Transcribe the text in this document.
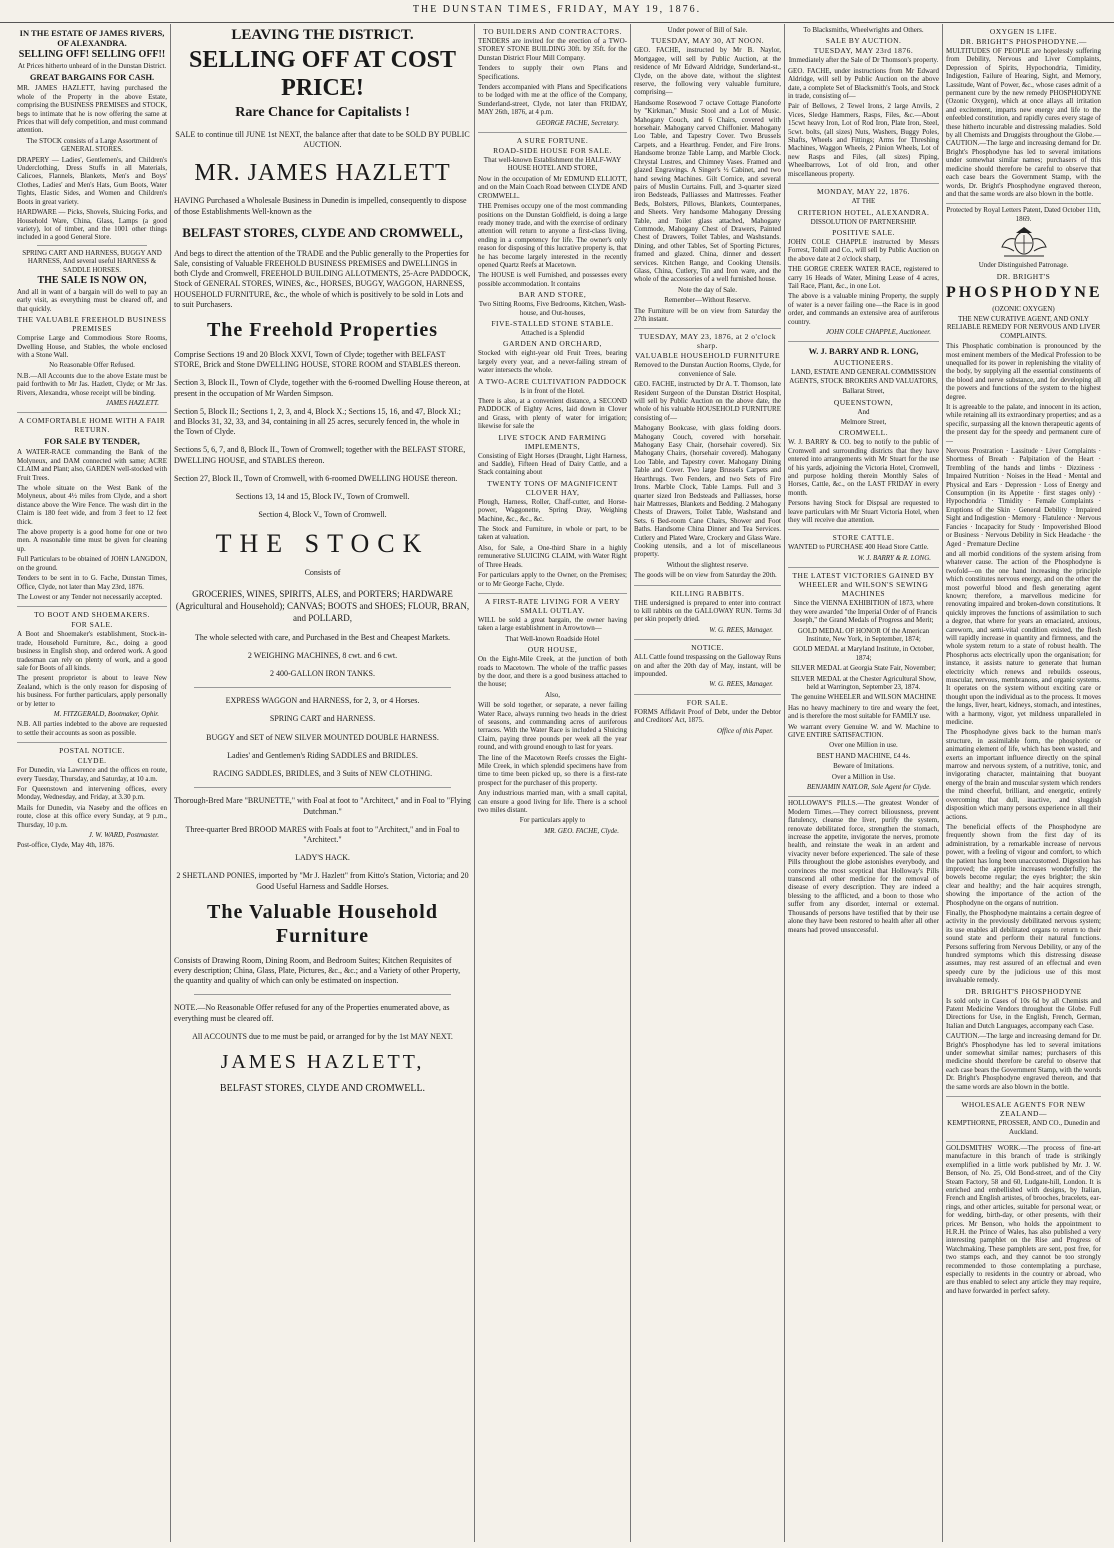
THE DUNSTAN TIMES, FRIDAY, MAY 19, 1876.
IN THE ESTATE OF JAMES RIVERS, OF ALEXANDRA.
SELLING OFF! SELLING OFF!!

At Prices hitherto unheard of in the Dunstan District.

GREAT BARGAINS FOR CASH.

MR. JAMES HAZLETT, having purchased the whole of the Property in the above Estate, comprising the BUSINESS PREMISES and STOCK, begs to intimate that he is now offering the same at Prices that will defy competition, and must command attention.

The STOCK consists of a Large Assortment of GENERAL STORES.

DRAPERY — Ladies', Gentlemen's, and Children's Underclothing, Dress Stuffs in all Materials, Calicoes, Flannels, Blankets, Men's and Boys' Clothes, Ladies' and Men's Hats, Gum Boots, Water Tights, Elastic Sides, and Women and Children's Boots in great variety.

HARDWARE — Picks, Shovels, Sluicing Forks, and Household Ware, China, Glass, Lamps (a good variety), lot of timber, and the 1001 other things included in a good General Store.

SPRING CART AND HARNESS, BUGGY AND HARNESS, And several useful HARNESS & SADDLE HORSES.

THE SALE IS NOW ON,

And all in want of a bargain will do well to pay an early visit, as everything must be cleared off, and that quickly.

THE VALUABLE FREEHOLD BUSINESS PREMISES

Comprise Large and Commodious Store Rooms, Dwelling House, and Stables, the whole enclosed with a Stone Wall.

No Reasonable Offer Refused.

N.B.—All Accounts due to the above Estate must be paid forthwith to Mr Jas. Hazlett, Clyde; or Mr Jas. Rivers, Alexandra, whose receipt will be binding.

JAMES HAZLETT.

A COMFORTABLE HOME WITH A FAIR RETURN.
FOR SALE BY TENDER,

A WATER-RACE commanding the Bank of the Molyneux, and DAM connected with same; ACRE CLAIM and Plant; also, GARDEN well-stocked with Fruit Trees.

The whole situate on the West Bank of the Molyneux, about 4½ miles from Clyde, and a short distance above the Wire Fence. The wash dirt in the Claim is 180 feet wide, and from 3 feet to 12 feet thick.

The above property is a good home for one or two men. A reasonable time must be given for cleaning up.

Full Particulars to be obtained of JOHN LANGDON, on the ground.

Tenders to be sent in to G. Fache, Dunstan Times, Office, Clyde, not later than May 23rd, 1876.

The Lowest or any Tender not necessarily accepted.

TO BOOT AND SHOEMAKERS.
FOR SALE.

A Boot and Shoemaker's establishment, Stock-in-trade, Household Furniture, &c., doing a good business in English shop, and ordered work. A good tradesman can rely on plenty of work, and a good sale for Boots of all kinds.

The present proprietor is about to leave New Zealand, which is the only reason for disposing of his business. For further particulars, apply personally or by letter to

M. FITZGERALD, Bootmaker, Ophir.

N.B. All parties indebted to the above are requested to settle their accounts as soon as possible.

POSTAL NOTICE.
CLYDE.

For Dunedin, via Lawrence and the offices en route, every Tuesday, Thursday, and Saturday, at 10 a.m.

For Queenstown and intervening offices, every Monday, Wednesday, and Friday, at 3.30 p.m.

Mails for Dunedin, via Naseby and the offices en route, close at this office every Sunday, at 9 p.m., Thursday, 10 p.m.

J. W. WARD, Postmaster.

Post-office, Clyde, May 4th, 1876.

LEAVING THE DISTRICT.
SELLING OFF AT COST PRICE!
Rare Chance for Capitalists !

SALE to continue till JUNE 1st NEXT, the balance after that date to be SOLD BY PUBLIC AUCTION.

MR. JAMES HAZLETT

HAVING Purchased a Wholesale Business in Dunedin is impelled, consequently to dispose of those Establishments Well-known as the

BELFAST STORES, CLYDE AND CROMWELL,

And begs to direct the attention of the TRADE and the Public generally to the Properties for Sale, consisting of Valuable FREEHOLD BUSINESS PREMISES and DWELLINGS in both Clyde and Cromwell, FREEHOLD BUILDING ALLOTMENTS, 25-Acre PADDOCK, Stock of GENERAL STORES, WINES, &c., HORSES, BUGGY, WAGGON, HARNESS, HOUSEHOLD FURNITURE, &c., the whole of which is positively to be sold in Lots and to suit Purchasers.

The Freehold Properties

Comprise Sections 19 and 20 Block XXVI, Town of Clyde; together with BELFAST STORE, Brick and Stone DWELLING HOUSE, STORE ROOM and STABLES thereon.

Section 3, Block II., Town of Clyde, together with the 6-roomed Dwelling House thereon, at present in the occupation of Mr Warden Simpson.

Section 5, Block II.; Sections 1, 2, 3, and 4, Block X.; Sections 15, 16, and 47, Block XI.; and Blocks 31, 32, 33, and 34, containing in all 25 acres, securely fenced in, the whole in the Town of Clyde.

Sections 5, 6, 7, and 8, Block II., Town of Cromwell; together with the BELFAST STORE, DWELLING HOUSE, and STABLES thereon.

Section 27, Block II., Town of Cromwell, with 6-roomed DWELLING HOUSE thereon.

Sections 13, 14 and 15, Block IV., Town of Cromwell.

Section 4, Block V., Town of Cromwell.

THE STOCK

Consists of

GROCERIES, WINES, SPIRITS, ALES, and PORTERS; HARDWARE (Agricultural and Household); CANVAS; BOOTS and SHOES; FLOUR, BRAN, and POLLARD,

The whole selected with care, and Purchased in the Best and Cheapest Markets.

2 WEIGHING MACHINES, 8 cwt. and 6 cwt.

2 400-GALLON IRON TANKS.

EXPRESS WAGGON and HARNESS, for 2, 3, or 4 Horses.

SPRING CART and HARNESS.

BUGGY and SET of NEW SILVER MOUNTED DOUBLE HARNESS.

Ladies' and Gentlemen's Riding SADDLES and BRIDLES.

RACING SADDLES, BRIDLES, and 3 Suits of NEW CLOTHING.

Thorough-Bred Mare "BRUNETTE," with Foal at foot to "Architect," and in Foal to "Flying Dutchman."

Three-quarter Bred BROOD MARES with Foals at foot to "Architect," and in Foal to "Architect."

LADY'S HACK.

2 SHETLAND PONIES, imported by "Mr J. Hazlett" from Kitto's Station, Victoria; and 20 Good Useful Harness and Saddle Horses.

The Valuable Household Furniture

Consists of Drawing Room, Dining Room, and Bedroom Suites; Kitchen Requisites of every description; China, Glass, Plate, Pictures, &c., &c.; and a Variety of other Property, the quantity and quality of which can only be estimated on inspection.

NOTE.—No Reasonable Offer refused for any of the Properties enumerated above, as everything must be cleared off.

All ACCOUNTS due to me must be paid, or arranged for by the 1st MAY NEXT.

JAMES HAZLETT,

BELFAST STORES, CLYDE AND CROMWELL.

TO BUILDERS AND CONTRACTORS.

TENDERS are invited for the erection of a TWO-STOREY STONE BUILDING 30ft. by 35ft. for the Dunstan District Flour Mill Company.

Tenders to supply their own Plans and Specifications.

Tenders accompanied with Plans and Specifications to be lodged with me at the office of the Company, Sunderland-street, Clyde, not later than FRIDAY, MAY 26th, 1876, at 4 p.m.

GEORGE FACHE, Secretary.

A SURE FORTUNE.
ROAD-SIDE HOUSE FOR SALE.

That well-known Establishment the HALF-WAY HOUSE HOTEL AND STORE,

Now in the occupation of Mr EDMUND ELLIOTT, and on the Main Coach Road between CLYDE AND CROMWELL.

THE Premises occupy one of the most commanding positions on the Dunstan Goldfield, is doing a large ready money trade, and with the exercise of ordinary attention will return to anyone a first-class living, ending in a competency for life. The owner's only reason for disposing of this lucrative property is, that he has become largely interested in the recently opened Quartz Reefs at Macetown.

The HOUSE is well Furnished, and possesses every possible accommodation. It contains

BAR AND STORE,

Two Sitting Rooms, Five Bedrooms, Kitchen, Wash-house, and Out-houses,

FIVE-STALLED STONE STABLE.

Attached is a Splendid

GARDEN AND ORCHARD,

Stocked with eight-year old Fruit Trees, bearing largely every year, and a never-failing stream of water intersects the whole.

A TWO-ACRE CULTIVATION PADDOCK

Is in front of the Hotel.

There is also, at a convenient distance, a SECOND PADDOCK of Eighty Acres, laid down in Clover and Grass, with plenty of water for irrigation; likewise for sale the

LIVE STOCK AND FARMING IMPLEMENTS,

Consisting of Eight Horses (Draught, Light Harness, and Saddle), Fifteen Head of Dairy Cattle, and a Stack containing about

TWENTY TONS OF MAGNIFICENT CLOVER HAY,

Plough, Harness, Roller, Chaff-cutter, and Horse-power, Waggonette, Spring Dray, Weighing Machine, &c., &c., &c.

The Stock and Furniture, in whole or part, to be taken at valuation.

Also, for Sale, a One-third Share in a highly remunerative SLUICING CLAIM, with Water Right of Three Heads.

For particulars apply to the Owner, on the Premises; or to Mr George Fache, Clyde.

A FIRST-RATE LIVING FOR A VERY SMALL OUTLAY.

WILL be sold a great bargain, the owner having taken a large establishment in Arrowtown—

That Well-known Roadside Hotel

OUR HOUSE,

On the Eight-Mile Creek, at the junction of both roads to Macetown. The whole of the traffic passes by the door, and there is a good business attached to the house;

Also,

Will be sold together, or separate, a never failing Water Race, always running two heads in the driest of seasons, and commanding acres of auriferous terraces. With the Water Race is included a Sluicing Claim, paying three pounds per week all the year round, and with ground enough to last for years.

The line of the Macetown Reefs crosses the Eight-Mile Creek, in which splendid specimens have from time to time been picked up, so there is a first-rate prospect for the purchaser of this property.

Any industrious married man, with a small capital, can ensure a good living for life. There is a school two miles distant.

For particulars apply to

MR. GEO. FACHE, Clyde.

Under power of Bill of Sale.

TUESDAY, MAY 30, AT NOON.

GEO. FACHE, instructed by Mr B. Naylor, Mortgagee, will sell by Public Auction, at the residence of Mr Edward Aldridge, Sunderland-st., Clyde, on the above date, without the slightest reserve, the following very valuable furniture, comprising—

Handsome Rosewood 7 octave Cottage Pianoforte by "Kirkman," Music Stool and a Lot of Music. Mahogany Couch, and 6 Chairs, covered with horsehair. Mahogany carved Chiffonier. Mahogany Loo Table, and Tapestry Cover. Two Brussels Carpets, and a Hearthrug. Fender, and Fire Irons. Handsome bronze Table Lamp, and Marble Clock. Chrystal Lustres, and Chimney Vases. Framed and glazed Engravings. A Singer's ½ Cabinet, and two hand sewing Machines. Gilt Cornice, and several pairs of Muslin Curtains. Full, and 3-quarter sized iron Bedsteads, Palliasses and Mattresses. Feather Beds, Bolsters, Pillows, Blankets, Counterpanes, and Sheets. Very handsome Mahogany Dressing Table, and Toilet glass attached, Mahogany Commode, Mahogany Chest of Drawers, Painted Chest of Drawers, Toilet Tables, and Washstands. Dining, and other Tables, Set of Sporting Pictures, framed and glazed. China, dinner and dessert services. Kitchen Range, and Cooking Utensils. Glass, China, Cutlery, Tin and Iron ware, and the whole of the accessories of a well furnished house.

Note the day of Sale.

Remember—Without Reserve.

The Furniture will be on view from Saturday the 27th instant.

TUESDAY, MAY 23, 1876, at 2 o'clock sharp.
VALUABLE HOUSEHOLD FURNITURE

Removed to the Dunstan Auction Rooms, Clyde, for convenience of Sale.

GEO. FACHE, instructed by Dr A. T. Thomson, late Resident Surgeon of the Dunstan District Hospital, will sell by Public Auction on the above date, the whole of his valuable HOUSEHOLD FURNITURE consisting of—

Mahogany Bookcase, with glass folding doors. Mahogany Couch, covered with horsehair. Mahogany Easy Chair, (horsehair covered). Six Mahogany Chairs, (horsehair covered). Mahogany Loo Table, and Tapestry cover. Mahogany Dining Table and Cover. Two large Brussels Carpets and Hearthrugs. Two Fenders, and two Sets of Fire Irons. Marble Clock, Table Lamps. Full and 3 quarter sized Iron Bedsteads and Palliasses, horse hair Mattresses, Blankets and Bedding. 2 Mahogany Chests of Drawers, Toilet Table, Washstand and Sets. 6 Bed-room Cane Chairs, Shower and Foot Baths. Handsome China Dinner and Tea Services. Cutlery and Plated Ware, Crockery and Glass Ware. Cooking utensils, and a lot of miscellaneous property.

Without the slightest reserve.

The goods will be on view from Saturday the 20th.

KILLING RABBITS.

THE undersigned is prepared to enter into contract to kill rabbits on the GALLOWAY RUN. Terms 3d per skin properly dried.

W. G. REES, Manager.

NOTICE.

ALL Cattle found trespassing on the Galloway Runs on and after the 20th day of May, instant, will be impounded.

W. G. REES, Manager.

FOR SALE.

FORMS Affidavit Proof of Debt, under the Debtor and Creditors' Act, 1875.

Office of this Paper.

To Blacksmiths, Wheelwrights and Others.

SALE BY AUCTION.
TUESDAY, MAY 23rd 1876.

Immediately after the Sale of Dr Thomson's property.

GEO. FACHE, under instructions from Mr Edward Aldridge, will sell by Public Auction on the above date, a complete Set of Blacksmith's Tools, and Stock in trade, consisting of—

Pair of Bellows, 2 Tewel Irons, 2 large Anvils, 2 Vices, Sledge Hammers, Rasps, Files, &c.—About 15cwt heavy Iron, Lot of Rod Iron, Plate Iron, Steel, 5cwt. bolts, (all sizes) Nuts, Washers, Buggy Poles, Shafts, Wheels and Fittings; Arms for Threshing Machines, Waggon Wheels, 2 Pinion Wheels, Lot of new Rasps and Files, (all sizes) Piping, Wheelbarrows, Lot of old Iron, and other miscellaneous property.

MONDAY, MAY 22, 1876.

AT THE

CRITERION HOTEL, ALEXANDRA.

DISSOLUTION OF PARTNERSHIP.

POSITIVE SALE.

JOHN COLE CHAPPLE instructed by Messrs Forrest, Tohill and Co., will sell by Public Auction on the above date at 2 o'clock sharp,

THE GORGE CREEK WATER RACE, registered to carry 16 Heads of Water, Mining Lease of 4 acres, Tail Race, Plant, &c., in one Lot.

The above is a valuable mining Property, the supply of water is a never failing one—the Race is in good order, and commands an extensive area of auriferous country.

JOHN COLE CHAPPLE, Auctioneer.

W. J. BARRY AND R. LONG,
AUCTIONEERS.

LAND, ESTATE AND GENERAL COMMISSION AGENTS, STOCK BROKERS AND VALUATORS,

Ballarat Street,

QUEENSTOWN,

And

Melmore Street,

CROMWELL.

W. J. BARRY & CO. beg to notify to the public of Cromwell and surrounding districts that they have entered into arrangements with Mr Stuart for the use of his yards, adjoining the Victoria Hotel, Cromwell, and purpose holding therein Monthly Sales of Horses, Cattle, &c., on the LAST FRIDAY in every month.

Persons having Stock for Dispsal are requested to leave particulars with Mr Stuart Victoria Hotel, when they will receive due attention.

STORE CATTLE.

WANTED to PURCHASE 400 Head Store Cattle.

W. J. BARRY & R. LONG.

THE LATEST VICTORIES GAINED BY WHEELER and WILSON'S SEWING MACHINES

Since the VIENNA EXHIBITION of 1873, where they were awarded "the Imperial Order of of Francis Joseph," the Grand Medals of Progress and Merit;

GOLD MEDAL OF HONOR Of the American Institute, New York, in September, 1874;

GOLD MEDAL at Maryland Institute, in October, 1874;

SILVER MEDAL at Georgia State Fair, November;

SILVER MEDAL at the Chester Agricultural Show, held at Warrington, September 23, 1874.

The genuine WHEELER and WILSON MACHINE

Has no heavy machinery to tire and weary the feet, and is therefore the most suitable for FAMILY use.

We warrant every Genuine W. and W. Machine to GIVE ENTIRE SATISFACTION.

Over one Million in use.

BEST HAND MACHINE, £4 4s.

Beware of Imitations.

Over a Million in Use.

BENJAMIN NAYLOR, Sole Agent for Clyde.

HOLLOWAY'S PILLS.—The greatest Wonder of Modern Times.—They correct biliousness, prevent flatulency, cleanse the liver, purify the system, renovate debilitated force, strengthen the stomach, increase the appetite, invigorate the nerves, promote health, and reinstate the weak in an ardent and vivacity never before experienced. The sale of these Pills throughout the globe astonishes everybody, and convinces the most sceptical that Holloway's Pills transcend all other medicine for the removal of disease of every description. They are indeed a blessing to the afflicted, and a boon to those who suffer from any disorder, internal or external. Thousands of persons have testified that by their use alone they have been restored to health after all other means had proved unsuccessful.

OXYGEN IS LIFE.
DR. BRIGHT'S PHOSPHODYNE.—

MULTITUDES OF PEOPLE are hopelessly suffering from Debility, Nervous and Liver Complaints, Depression of Spirits, Hypochondria, Timidity, Indigestion, Failure of Hearing, Sight, and Memory, Lassitude, Want of Power, &c., whose cases admit of a permanent cure by the new remedy PHOSPHODYNE (Ozonic Oxygen), which at once allays all irritation and excitement, imparts new energy and life to the enfeebled constitution, and rapidly cures every stage of these hitherto incurable and distressing maladies. Sold by all Chemists and Druggists throughout the Globe.—CAUTION.—The large and increasing demand for Dr. Bright's Phosphodyne has led to several imitations under somewhat similar names; purchasers of this medicine should therefore be careful to observe that each case bears the Government Stamp, with the words, Dr. Bright's Phosphodyne engraved thereon, and that the same words are also blown in the bottle.

Protected by Royal Letters Patent, Dated October 11th, 1869.

Under Distinguished Patronage.

DR. BRIGHT'S
PHOSPHODYNE

(OZONIC OXYGEN)

THE NEW CURATIVE AGENT, AND ONLY RELIABLE REMEDY FOR NERVOUS AND LIVER COMPLAINTS.

This Phosphatic combination is pronounced by the most eminent members of the Medical Profession to be unequalled for its power in replenishing the vitality of the body, by supplying all the essential constituents of the blood and nerve substance, and for developing all the powers and functions of the system to the highest degree.

It is agreeable to the palate, and innocent in its action, while retaining all its extraordinary properties; and as a specific, surpassing all the known therapeutic agents of the present day for the speedy and permanent cure of—

Nervous Prostration · Lassitude · Liver Complaints · Shortness of Breath · Palpitation of the Heart · Trembling of the hands and limbs · Dizziness · Impaired Nutrition · Noises in the Head · Mental and Physical and Ears · Depression · Loss of Energy and Consumption (in its Appetite · first stages only) · Hypochondria · Timidity · Female Complaints · Eruptions of the Skin · General Debility · Impaired Sight and Indigestion · Memory · Flatulence · Nervous Fancies · Incapacity for Study · Impoverished Blood or Business · Nervous Debility in Sick Headache · the Aged · Premature Decline

and all morbid conditions of the system arising from whatever cause. The action of the Phosphodyne is twofold—on the one hand increasing the principle which constitutes nervous energy, and on the other the most powerful blood and flesh generating agent known; therefore, a marvellous medicine for renovating impaired and broken-down constitutions. It quickly improves the functions of assimilation to such a degree, that where for years an emaciated, anxious, careworn, and semi-vital condition existed, the flesh will rapidly increase in quantity and firmness, and the whole system return to a state of robust health. The Phosphorus acts electrically upon the organisation; for instance, it assists nature to generate that human electricity which renews and rebuilds osseous, muscular, nervous, membranous, and organic systems. It operates on the system without exciting care or thought upon the individual as to the process. It moves the lungs, liver, heart, kidneys, stomach, and intestines, with a harmony, vigor, yet mildness unparalleled in medicine.

The Phosphodyne gives back to the human man's structure, in assimilable form, the phosphoric or animating element of life, which has been wasted, and exerts an important influence directly on the spinal marrow and nervous system, of a nutritive, tonic, and invigorating character, maintaining that buoyant energy of the brain and muscular system which renders the mind cheerful, brilliant, and energetic, entirely overcoming that dull, inactive, and sluggish disposition which many persons experience in all their actions.

The beneficial effects of the Phosphodyne are frequently shown from the first day of its administration, by a remarkable increase of nervous power, with a feeling of vigour and comfort, to which the patient has long been unaccustomed. Digestion has improved; the appetite increases wonderfully; the bowels become regular; the eyes brighter; the skin clear and healthy; and the hair acquires strength, showing the importance of the action of the Phosphodyne on the organs of nutrition.

Finally, the Phosphodyne maintains a certain degree of activity in the previously debilitated nervous system; its use enables all debilitated organs to return to their sound state and perform their natural functions. Persons suffering from Nervous Debility, or any of the hundred symptoms which this distressing disease assumes, may rest assured of an effectual and even speedy cure by the judicious use of this most invaluable remedy.

DR. BRIGHT'S PHOSPHODYNE

Is sold only in Cases of 10s 6d by all Chemists and Patent Medicine Vendors throughout the Globe. Full Directions for Use, in the English, French, German, Italian and Dutch Languages, accompany each Case.

CAUTION.—The large and increasing demand for Dr. Bright's Phosphodyne has led to several imitations under somewhat similar names; purchasers of this medicine should therefore be careful to observe that each case bears the Government Stamp, with the words Dr. Bright's Phosphodyne engraved thereon, and that the same words are also blown in the bottle.

WHOLESALE AGENTS FOR NEW ZEALAND—

KEMPTHORNE, PROSSER, AND CO., Dunedin and Auckland.

GOLDSMITHS' WORK.—The process of fine-art manufacture in this branch of trade is strikingly exemplified in a little work published by Mr. J. W. Benson, of No. 25, Old Bond-street, and of the City Steam Factory, 58 and 60, Ludgate-hill, London. It is enriched and embellished with designs, by Italian, French and English artistes, of brooches, bracelets, ear-rings, and other articles, suitable for personal wear, or for wedding, birth-day, or other presents, with their prices. Mr Benson, who holds the appointment to H.R.H. the Prince of Wales, has also published a very interesting pamphlet on the Rise and Progress of Watchmaking. These pamphlets are sent, post free, for two stamps each, and they cannot be too strongly recommended to those contemplating a purchase, especially to residents in the country or abroad, who are thus enabled to select any article they may require, and have forwarded in perfect safety.
